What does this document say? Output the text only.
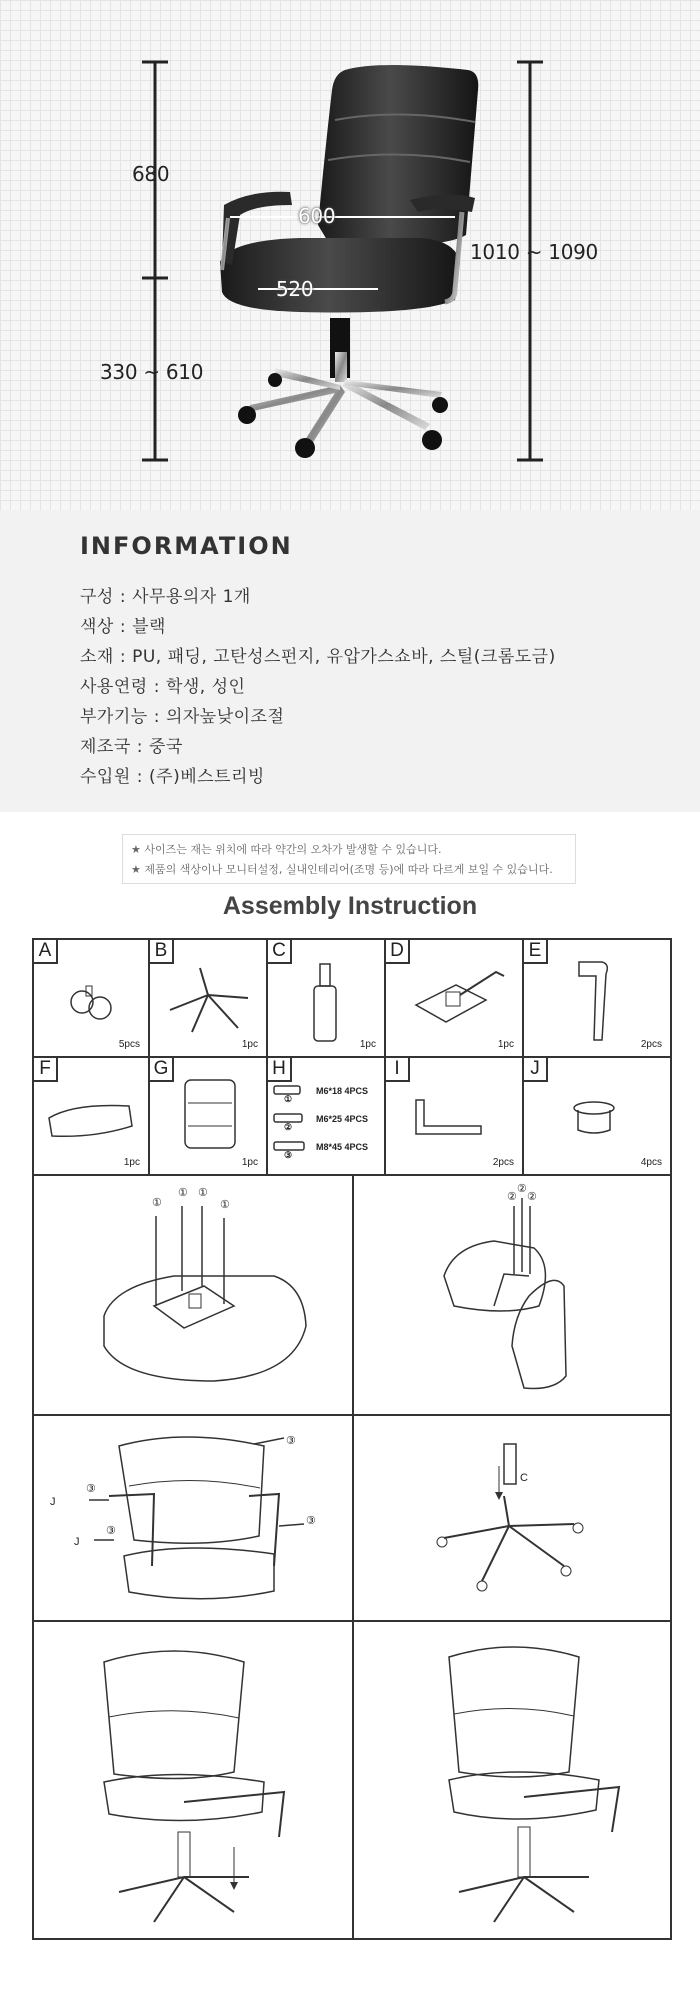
680
600
520
330 ~ 610
1010 ~ 1090
INFORMATION
구성 : 사무용의자 1개
색상 : 블랙
소재 : PU, 패딩, 고탄성스펀지, 유압가스쇼바, 스틸(크롬도금)
사용연령 : 학생, 성인
부가기능 : 의자높낮이조절
제조국 : 중국
수입원 : (주)베스트리빙
★ 사이즈는 재는 위치에 따라 약간의 오차가 발생할 수 있습니다.
★ 제품의 색상이나 모니터설정, 실내인테리어(조명 등)에 따라 다르게 보일 수 있습니다.
Assembly Instruction
A
5pcs
B
1pc
C
1pc
D
1pc
E
2pcs
F
1pc
G
1pc
H
①
M6*18 4PCS
②
M6*25 4PCS
③
M8*45 4PCS
I
2pcs
J
4pcs
①
① ①
①
②
②
②
③
J
③
J
③
③
C
